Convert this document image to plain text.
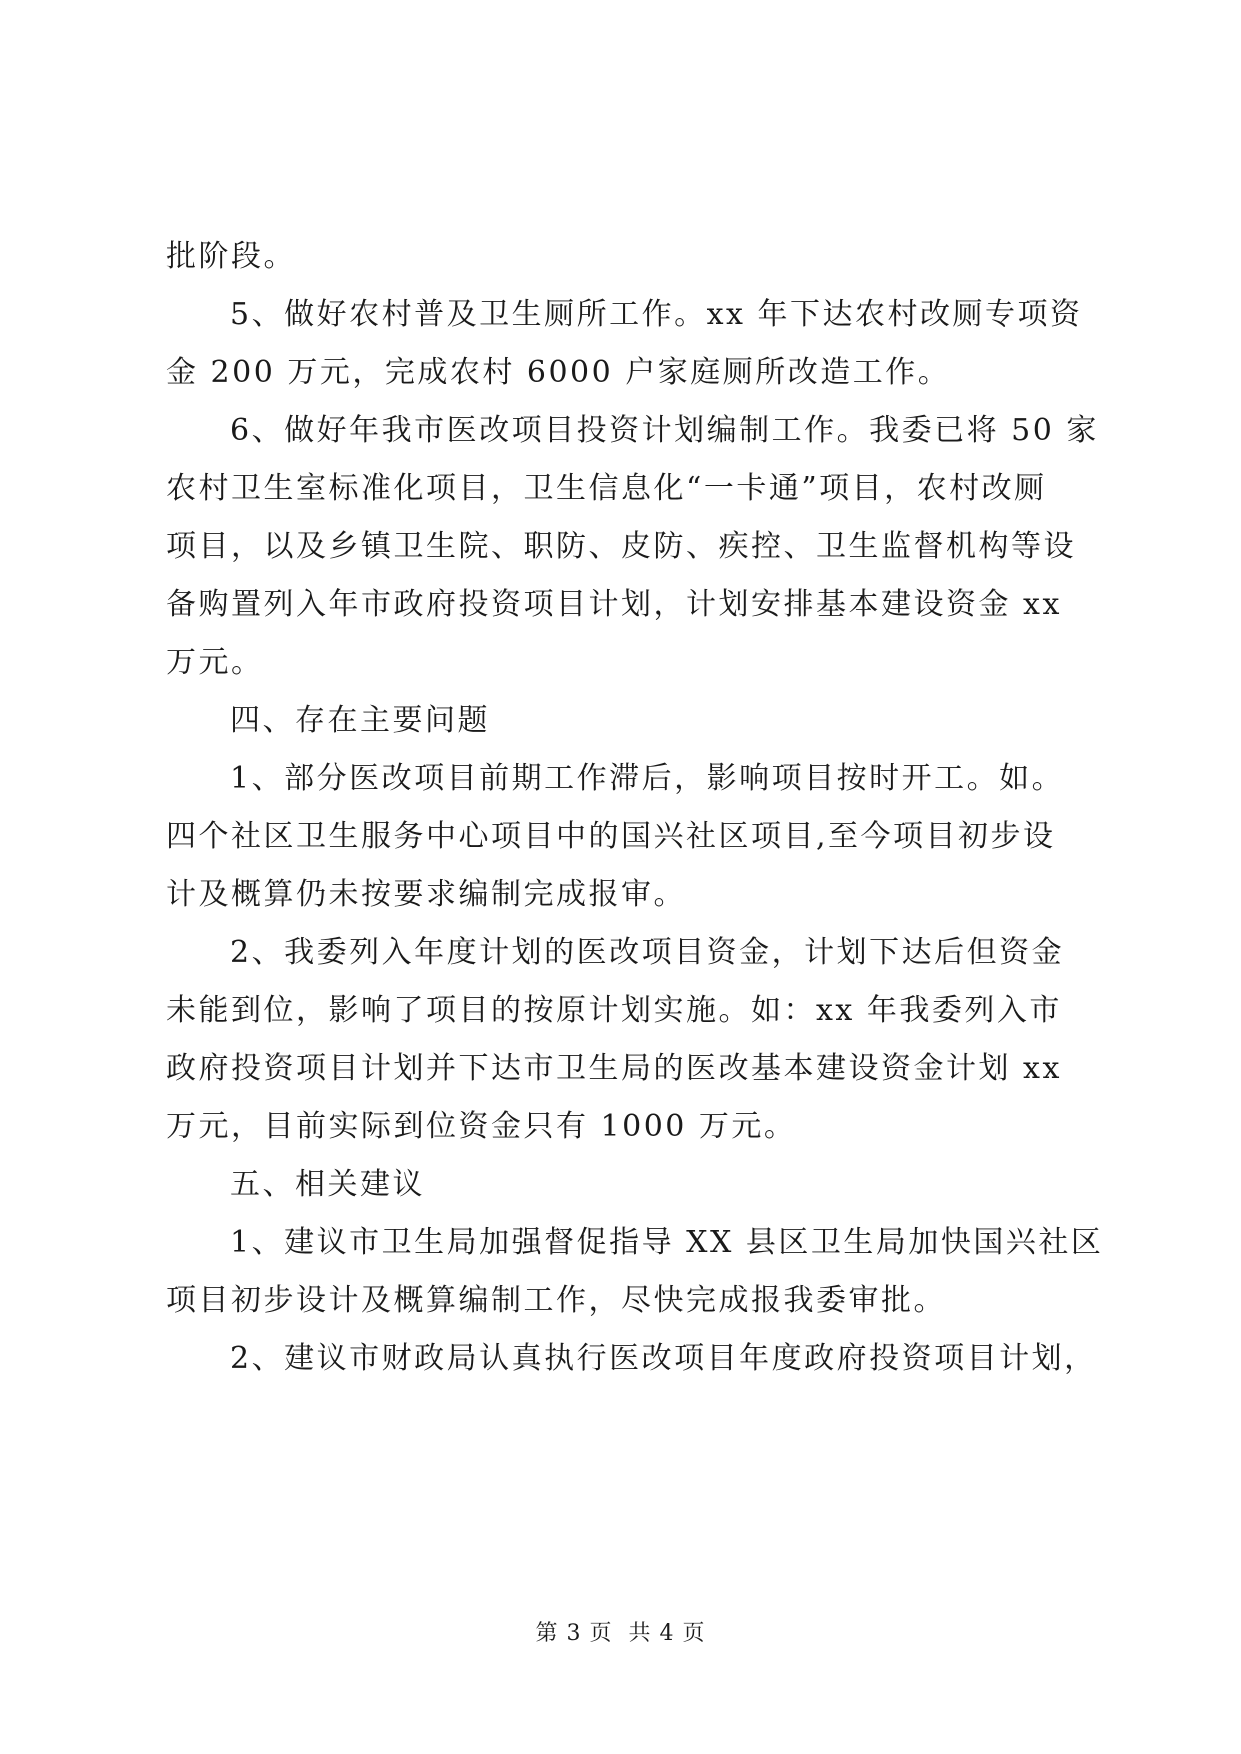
批阶段。
5、做好农村普及卫生厕所工作。xx 年下达农村改厕专项资
金 200 万元，完成农村 6000 户家庭厕所改造工作。
6、做好年我市医改项目投资计划编制工作。我委已将 50 家
农村卫生室标准化项目，卫生信息化“一卡通”项目，农村改厕
项目，以及乡镇卫生院、职防、皮防、疾控、卫生监督机构等设
备购置列入年市政府投资项目计划，计划安排基本建设资金 xx
万元。
四、存在主要问题
1、部分医改项目前期工作滞后，影响项目按时开工。如。
四个社区卫生服务中心项目中的国兴社区项目,至今项目初步设
计及概算仍未按要求编制完成报审。
2、我委列入年度计划的医改项目资金，计划下达后但资金
未能到位，影响了项目的按原计划实施。如：xx 年我委列入市
政府投资项目计划并下达市卫生局的医改基本建设资金计划 xx
万元，目前实际到位资金只有 1000 万元。
五、相关建议
1、建议市卫生局加强督促指导 XX 县区卫生局加快国兴社区
项目初步设计及概算编制工作，尽快完成报我委审批。
2、建议市财政局认真执行医改项目年度政府投资项目计划，
第 3 页  共 4 页
